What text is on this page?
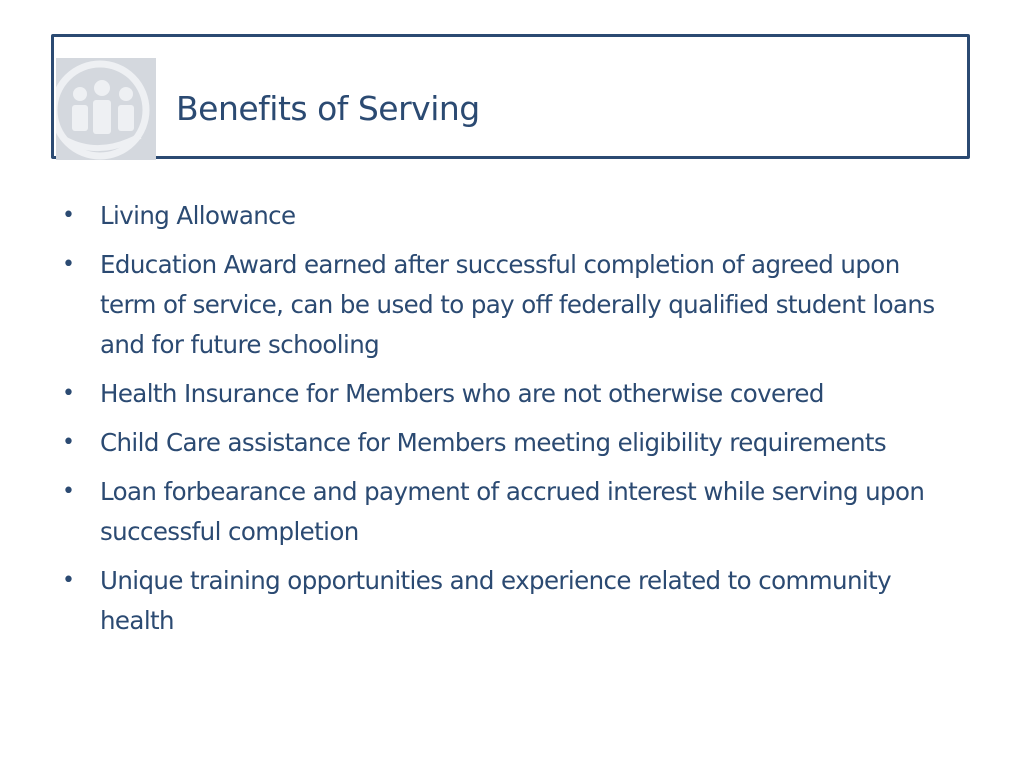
Benefits of Serving
• Living Allowance
• Education Award earned after successful completion of agreed upon term of service, can be used to pay off federally qualified student loans and for future schooling
• Health Insurance for Members who are not otherwise covered
• Child Care assistance for Members meeting eligibility requirements
• Loan forbearance and payment of accrued interest while serving upon successful completion
• Unique training opportunities and experience related to community health
